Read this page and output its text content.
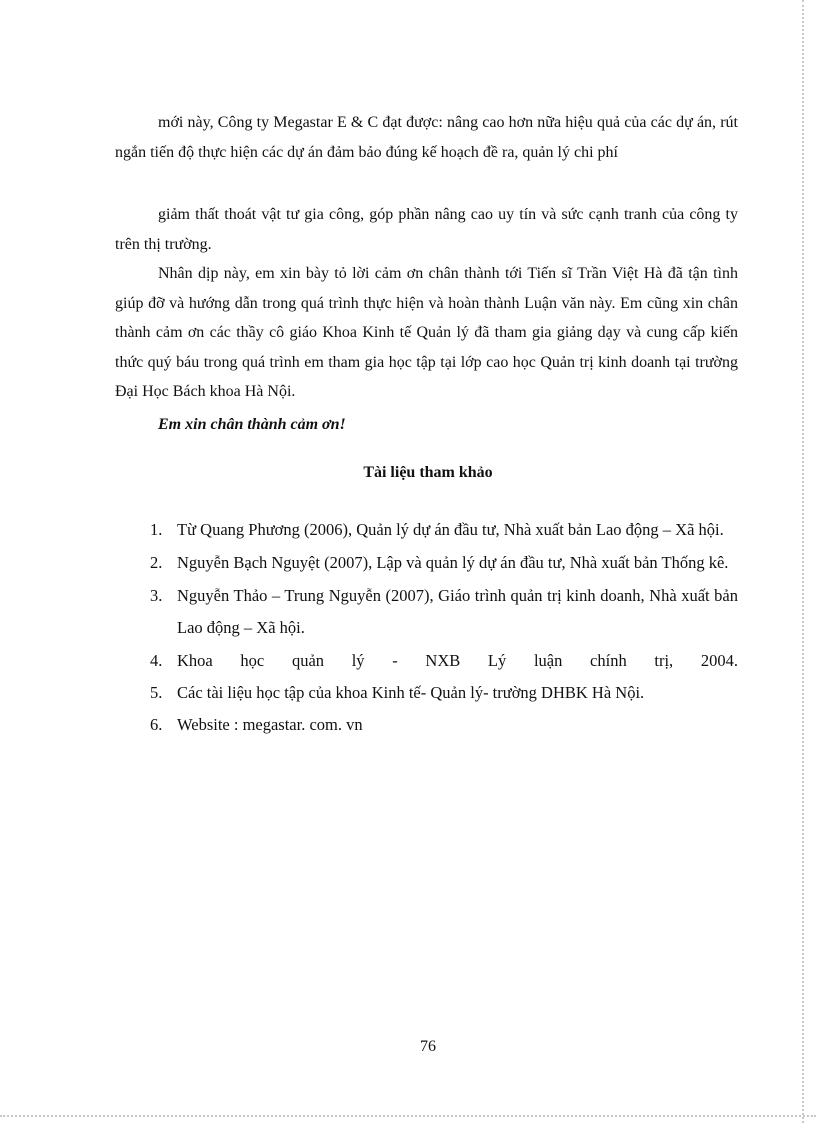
mới này, Công ty Megastar E & C đạt được: nâng cao hơn nữa hiệu quả của các dự án, rút ngắn tiến độ thực hiện các dự án đảm bảo đúng kế hoạch đề ra, quản lý chi phí

giảm thất thoát vật tư gia công, góp phần nâng cao uy tín và sức cạnh tranh của công ty trên thị trường.

Nhân dịp này, em xin bày tỏ lời cảm ơn chân thành tới Tiến sĩ Trần Việt Hà đã tận tình giúp đỡ và hướng dẫn trong quá trình thực hiện và hoàn thành Luận văn này. Em cũng xin chân thành cảm ơn các thầy cô giáo Khoa Kinh tế Quản lý đã tham gia giảng dạy và cung cấp kiến thức quý báu trong quá trình em tham gia học tập tại lớp cao học Quản trị kinh doanh tại trường Đại Học Bách khoa Hà Nội.

Em xin chân thành cảm ơn!
Tài liệu tham khảo
1. Từ Quang Phương (2006), Quản lý dự án đầu tư, Nhà xuất bản Lao động – Xã hội.
2. Nguyễn Bạch Nguyệt (2007), Lập và quản lý dự án đầu tư, Nhà xuất bản Thống kê.
3. Nguyễn Thảo – Trung Nguyễn (2007), Giáo trình quản trị kinh doanh, Nhà xuất bản Lao động – Xã hội.
4. Khoa học quản lý - NXB Lý luận chính trị, 2004.
5. Các tài liệu học tập của khoa Kinh tế- Quản lý- trường DHBK Hà Nội.
6. Website : megastar. com. vn
76
